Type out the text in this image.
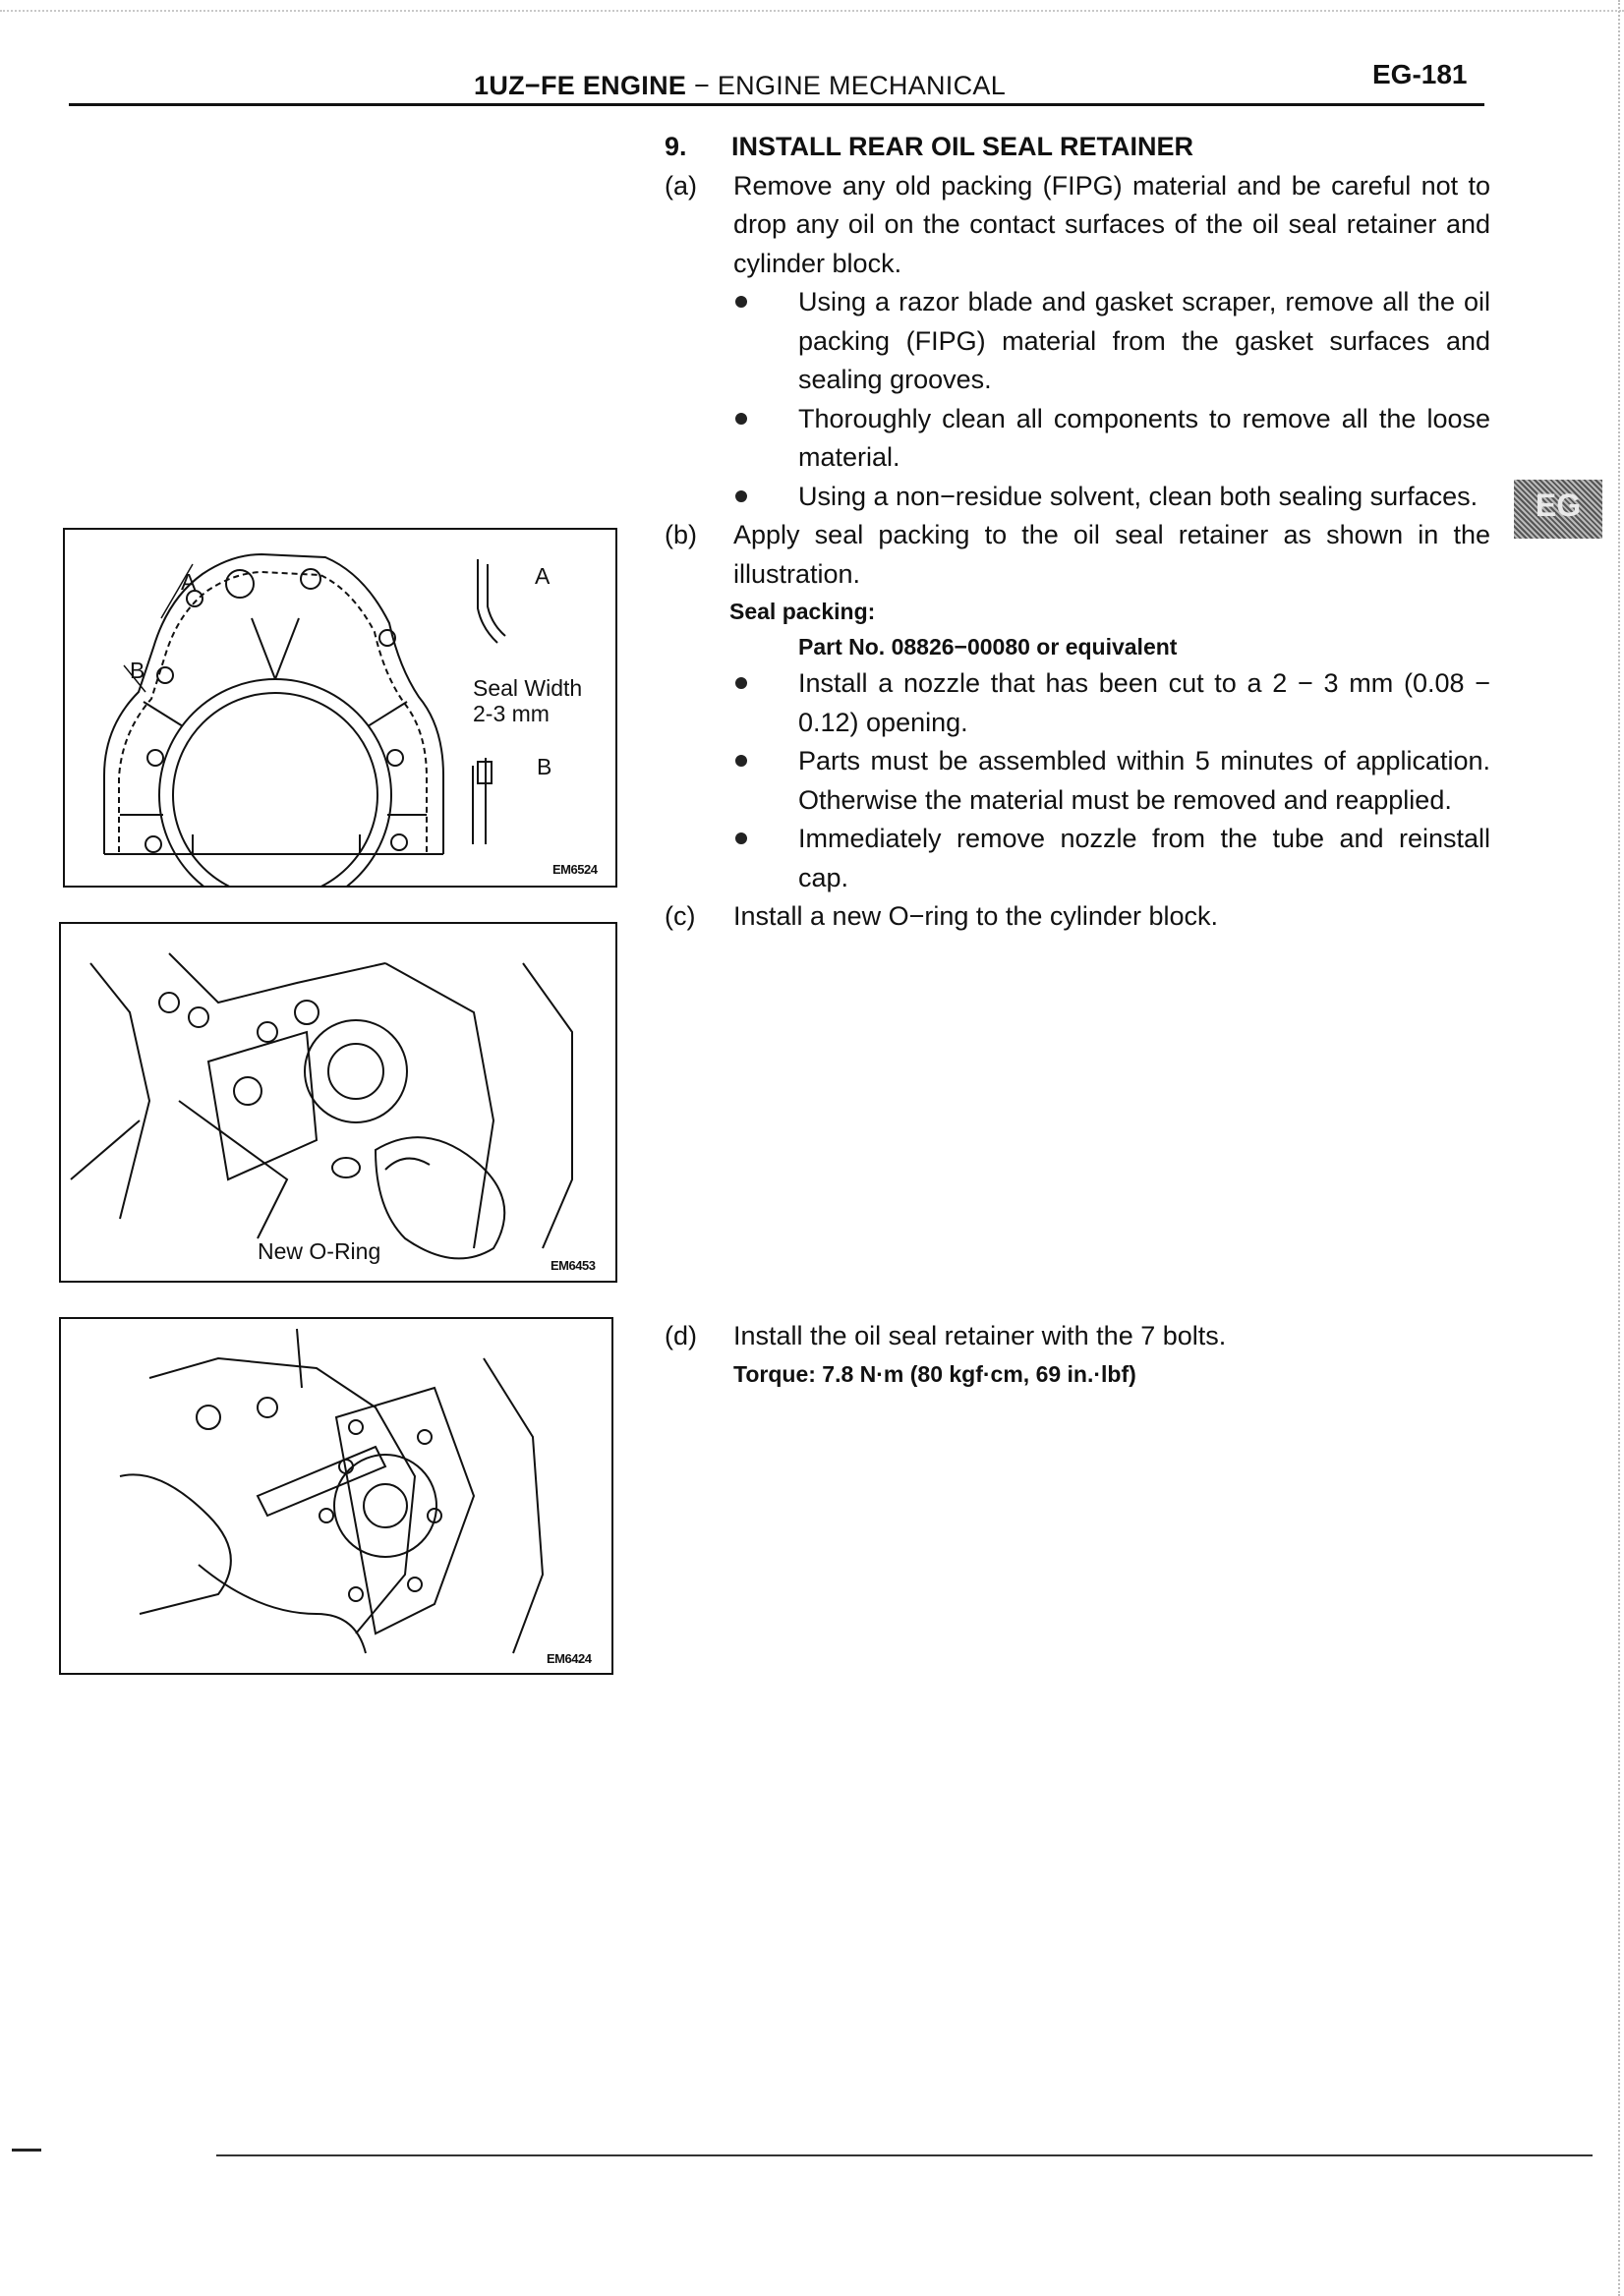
1UZ−FE ENGINE − ENGINE MECHANICAL	EG-181
EG
A
B
A
Seal Width
2-3 mm
B
EM6524
New O-Ring
EM6453
EM6424
9.	INSTALL REAR OIL SEAL RETAINER
(a)	Remove any old packing (FIPG) material and be careful not to drop any oil on the contact surfaces of the oil seal retainer and cylinder block.
Using a razor blade and gasket scraper, remove all the oil packing (FIPG) material from the gasket surfaces and sealing grooves.
Thoroughly clean all components to remove all the loose material.
Using a non−residue solvent, clean both sealing surfaces.
(b)	Apply seal packing to the oil seal retainer as shown in the illustration.
Seal packing:
Part No. 08826−00080 or equivalent
Install a nozzle that has been cut to a 2 − 3 mm (0.08 − 0.12) opening.
Parts must be assembled within 5 minutes of application. Otherwise the material must be removed and reapplied.
Immediately remove nozzle from the tube and reinstall cap.
(c)	Install a new O−ring to the cylinder block.
(d)	Install the oil seal retainer with the 7 bolts.
Torque: 7.8 N·m (80 kgf·cm, 69 in.·lbf)
